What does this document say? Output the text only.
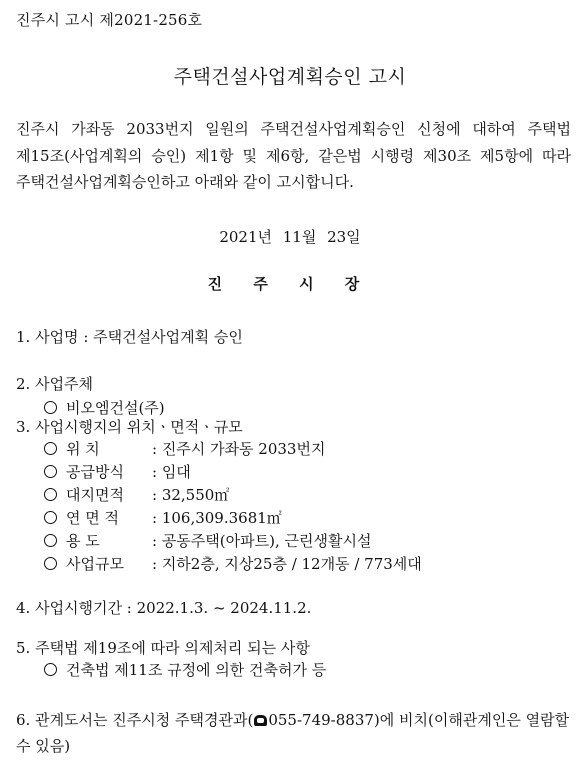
진주시 고시 제2021-256호
주택건설사업계획승인 고시
진주시 가좌동 2033번지 일원의 주택건설사업계획승인 신청에 대하여 주택법 제15조(사업계획의 승인) 제1항 및 제6항, 같은법 시행령 제30조 제5항에 따라 주택건설사업계획승인하고 아래와 같이 고시합니다.
2021년 11월 23일
진 주 시 장
1. 사업명 : 주택건설사업계획 승인
2. 사업주체
비오엠건설(주)
3. 사업시행지의 위치ㆍ면적ㆍ규모
위 치	: 진주시 가좌동 2033번지
공급방식 : 임대
대지면적 : 32,550㎡
연 면 적 : 106,309.3681㎡
용 도	: 공동주택(아파트), 근린생활시설
사업규모 : 지하2층, 지상25층 / 12개동 / 773세대
4. 사업시행기간 : 2022.1.3. ~ 2024.11.2.
5. 주택법 제19조에 따라 의제처리 되는 사항
건축법 제11조 규정에 의한 건축허가 등
6. 관계도서는 진주시청 주택경관과( 055-749-8837)에 비치(이해관계인은 열람할 수 있음)
